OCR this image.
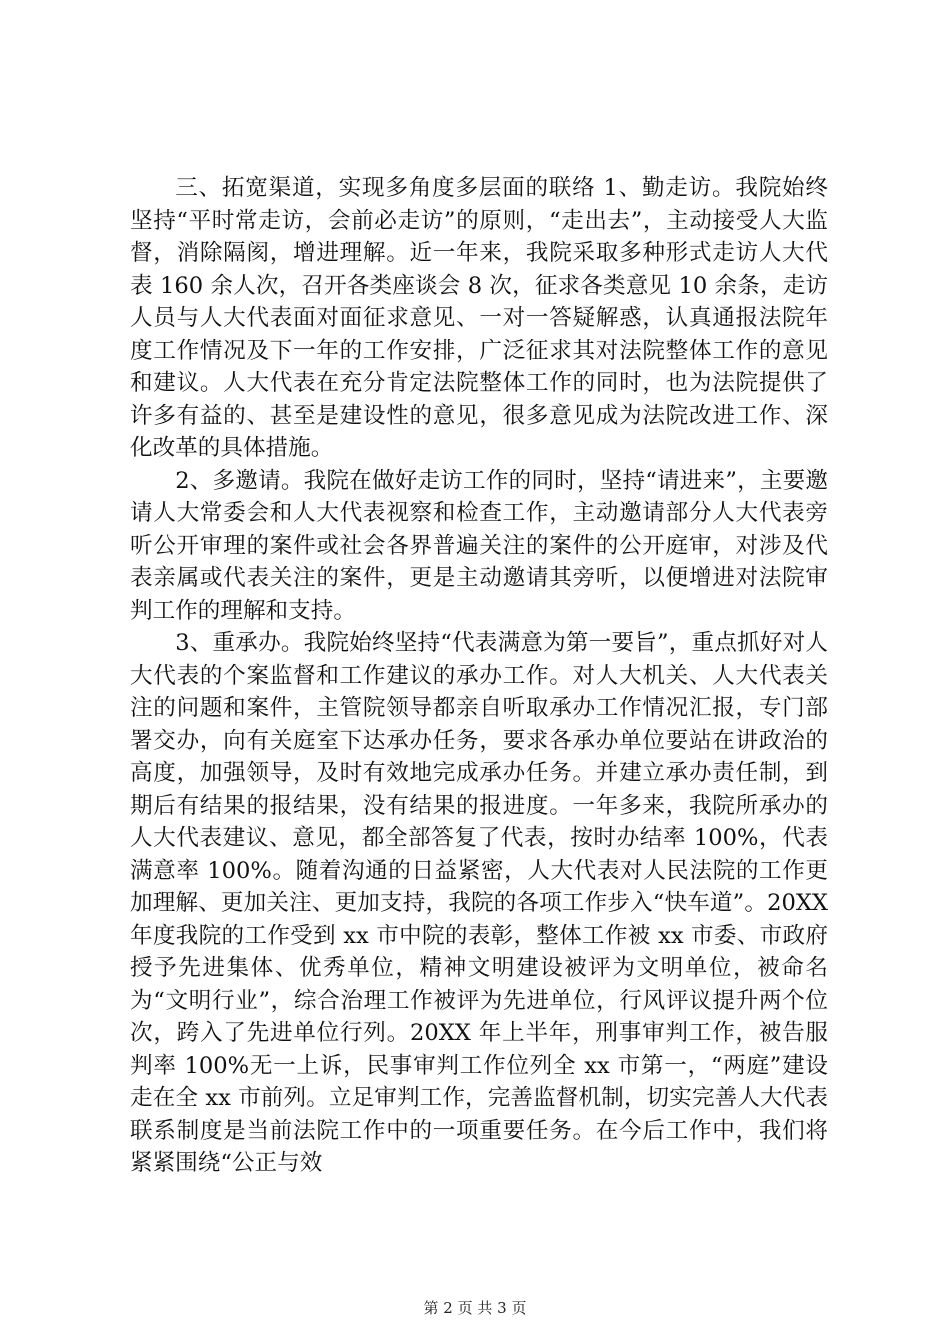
三、拓宽渠道，实现多角度多层面的联络 1、勤走访。我院始终坚持“平时常走访，会前必走访”的原则，“走出去”，主动接受人大监督，消除隔阂，增进理解。近一年来，我院采取多种形式走访人大代表 160 余人次，召开各类座谈会 8 次，征求各类意见 10 余条，走访人员与人大代表面对面征求意见、一对一答疑解惑，认真通报法院年度工作情况及下一年的工作安排，广泛征求其对法院整体工作的意见和建议。人大代表在充分肯定法院整体工作的同时，也为法院提供了许多有益的、甚至是建设性的意见，很多意见成为法院改进工作、深化改革的具体措施。

2、多邀请。我院在做好走访工作的同时，坚持“请进来”，主要邀请人大常委会和人大代表视察和检查工作，主动邀请部分人大代表旁听公开审理的案件或社会各界普遍关注的案件的公开庭审，对涉及代表亲属或代表关注的案件，更是主动邀请其旁听，以便增进对法院审判工作的理解和支持。

3、重承办。我院始终坚持“代表满意为第一要旨”，重点抓好对人大代表的个案监督和工作建议的承办工作。对人大机关、人大代表关注的问题和案件，主管院领导都亲自听取承办工作情况汇报，专门部署交办，向有关庭室下达承办任务，要求各承办单位要站在讲政治的高度，加强领导，及时有效地完成承办任务。并建立承办责任制，到期后有结果的报结果，没有结果的报进度。一年多来，我院所承办的人大代表建议、意见，都全部答复了代表，按时办结率 100%，代表满意率 100%。随着沟通的日益紧密，人大代表对人民法院的工作更加理解、更加关注、更加支持，我院的各项工作步入“快车道”。20XX 年度我院的工作受到 xx 市中院的表彰，整体工作被 xx 市委、市政府授予先进集体、优秀单位，精神文明建设被评为文明单位，被命名为“文明行业”，综合治理工作被评为先进单位，行风评议提升两个位次，跨入了先进单位行列。20XX 年上半年，刑事审判工作，被告服判率 100%无一上诉，民事审判工作位列全 xx 市第一，“两庭”建设走在全 xx 市前列。立足审判工作，完善监督机制，切实完善人大代表联系制度是当前法院工作中的一项重要任务。在今后工作中，我们将紧紧围绕“公正与效

第 2 页 共 3 页
